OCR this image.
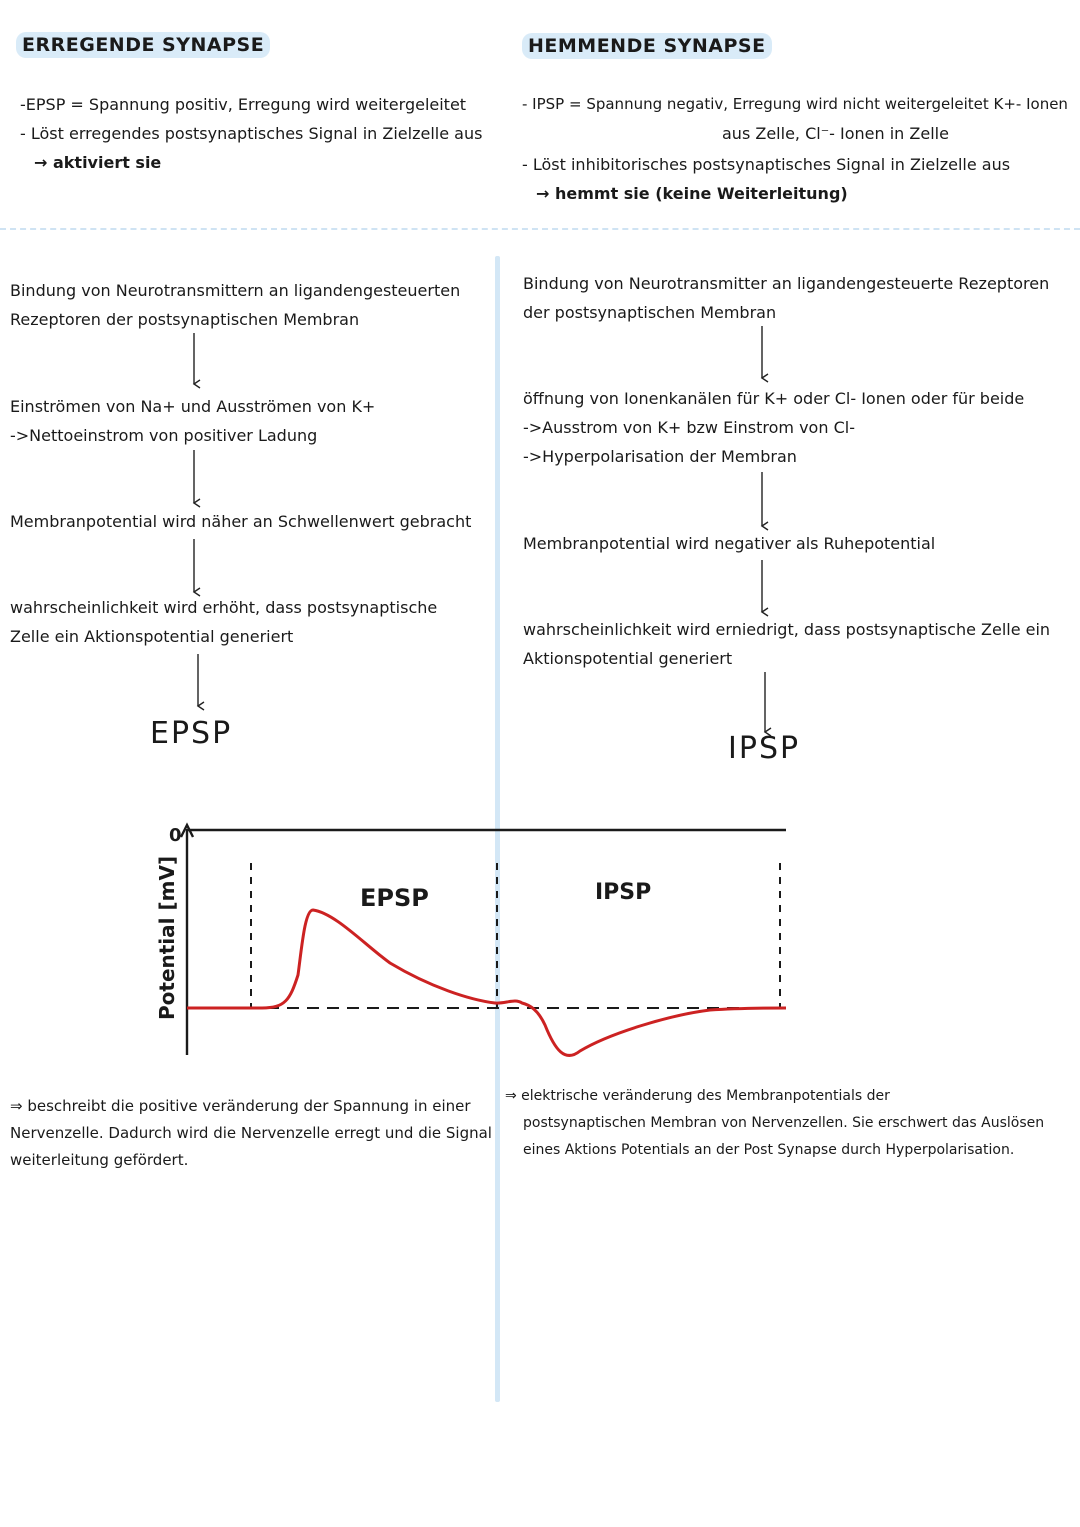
ERREGENDE SYNAPSE	HEMMENDE SYNAPSE
-EPSP = Spannung positiv, Erregung wird weitergeleitet
- Löst erregendes postsynaptisches Signal in Zielzelle aus
→ aktiviert sie
- IPSP = Spannung negativ, Erregung wird nicht weitergeleitet K+- Ionen
aus Zelle, Cl⁻- Ionen in Zelle
- Löst inhibitorisches postsynaptisches Signal in Zielzelle aus
→ hemmt sie (keine Weiterleitung)
Bindung von Neurotransmittern an ligandengesteuerten
Rezeptoren der postsynaptischen Membran
Einströmen von Na+ und Ausströmen von K+
->Nettoeinstrom von positiver Ladung
Membranpotential wird näher an Schwellenwert gebracht
wahrscheinlichkeit wird erhöht, dass postsynaptische
Zelle ein Aktionspotential generiert
EPSP
Bindung von Neurotransmitter an ligandengesteuerte Rezeptoren
der postsynaptischen Membran
öffnung von Ionenkanälen für K+ oder Cl- Ionen oder für beide
->Ausstrom von K+ bzw Einstrom von Cl-
->Hyperpolarisation der Membran
Membranpotential wird negativer als Ruhepotential
wahrscheinlichkeit wird erniedrigt, dass postsynaptische Zelle ein
Aktionspotential generiert
IPSP
0
Potential [mV]	EPSP	IPSP
⇒ beschreibt die positive veränderung der Spannung in einer
Nervenzelle. Dadurch wird die Nervenzelle erregt und die Signal
weiterleitung gefördert.
⇒ elektrische veränderung des Membranpotentials der
postsynaptischen Membran von Nervenzellen. Sie erschwert das Auslösen
eines Aktions Potentials an der Post Synapse durch Hyperpolarisation.
